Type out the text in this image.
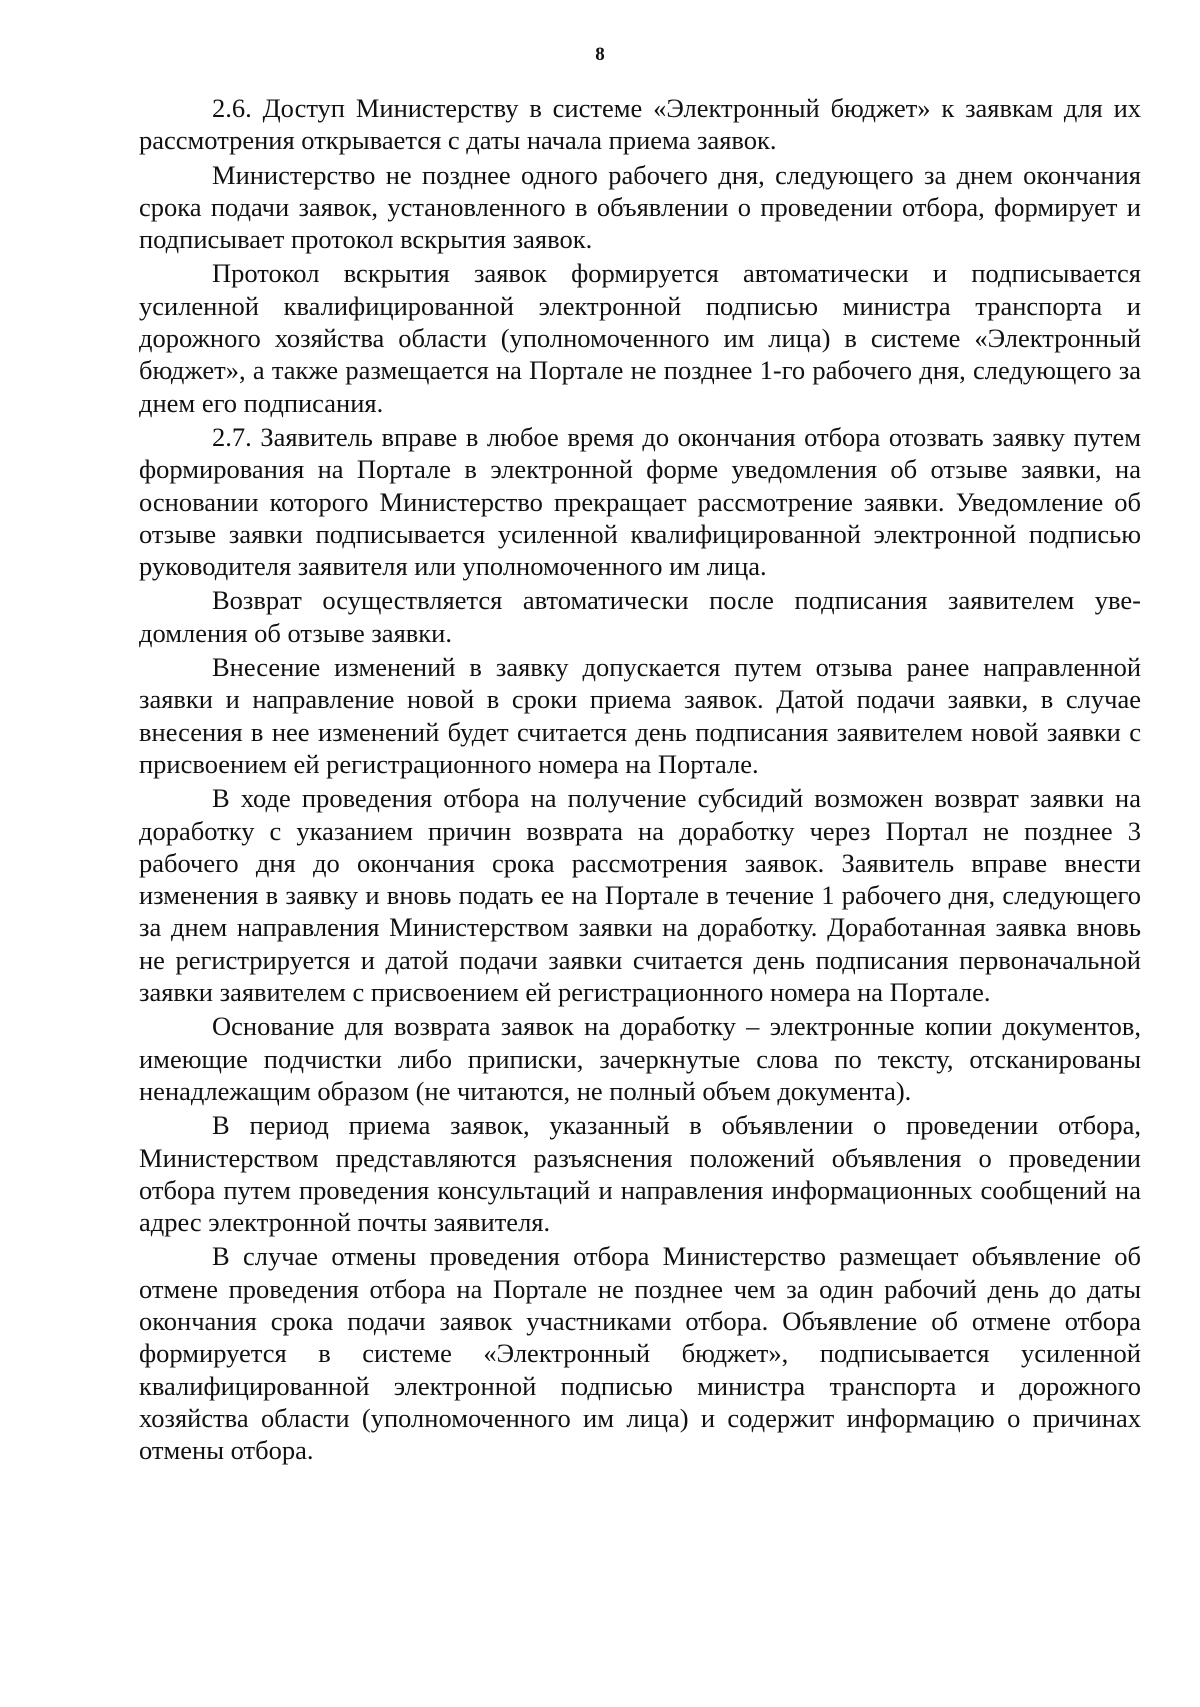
8

2.6. Доступ Министерству в системе «Электронный бюджет» к заявкам для их рассмотрения открывается с даты начала приема заявок.

Министерство не позднее одного рабочего дня, следующего за днем окончания срока подачи заявок, установленного в объявлении о проведении отбора, формирует и подписывает протокол вскрытия заявок.

Протокол вскрытия заявок формируется автоматически и подписывается усиленной квалифицированной электронной подписью министра транспорта и дорожного хозяйства области (уполномоченного им лица) в системе «Электронный бюджет», а также размещается на Портале не позднее 1-го рабочего дня, следующего за днем его подписания.

2.7. Заявитель вправе в любое время до окончания отбора отозвать заявку путем формирования на Портале в электронной форме уведомления об отзыве заявки, на основании которого Министерство прекращает рассмотрение заявки. Уведомление об отзыве заявки подписывается усиленной квалифицированной электронной подписью руководителя заявителя или уполномоченного им лица.

Возврат осуществляется автоматически после подписания заявителем уведомления об отзыве заявки.

Внесение изменений в заявку допускается путем отзыва ранее направленной заявки и направление новой в сроки приема заявок. Датой подачи заявки, в случае внесения в нее изменений будет считается день подписания заявителем новой заявки с присвоением ей регистрационного номера на Портале.

В ходе проведения отбора на получение субсидий возможен возврат заявки на доработку с указанием причин возврата на доработку через Портал не позднее 3 рабочего дня до окончания срока рассмотрения заявок. Заявитель вправе внести изменения в заявку и вновь подать ее на Портале в течение 1 рабочего дня, следующего за днем направления Министерством заявки на доработку. Доработанная заявка вновь не регистрируется и датой подачи заявки считается день подписания первоначальной заявки заявителем с присвоением ей регистрационного номера на Портале.

Основание для возврата заявок на доработку – электронные копии документов, имеющие подчистки либо приписки, зачеркнутые слова по тексту, отсканированы ненадлежащим образом (не читаются, не полный объем документа).

В период приема заявок, указанный в объявлении о проведении отбора, Министерством представляются разъяснения положений объявления о проведении отбора путем проведения консультаций и направления информационных сообщений на адрес электронной почты заявителя.

В случае отмены проведения отбора Министерство размещает объявление об отмене проведения отбора на Портале не позднее чем за один рабочий день до даты окончания срока подачи заявок участниками отбора. Объявление об отмене отбора формируется в системе «Электронный бюджет», подписывается усиленной квалифицированной электронной подписью министра транспорта и дорожного хозяйства области (уполномоченного им лица) и содержит информацию о причинах отмены отбора.
